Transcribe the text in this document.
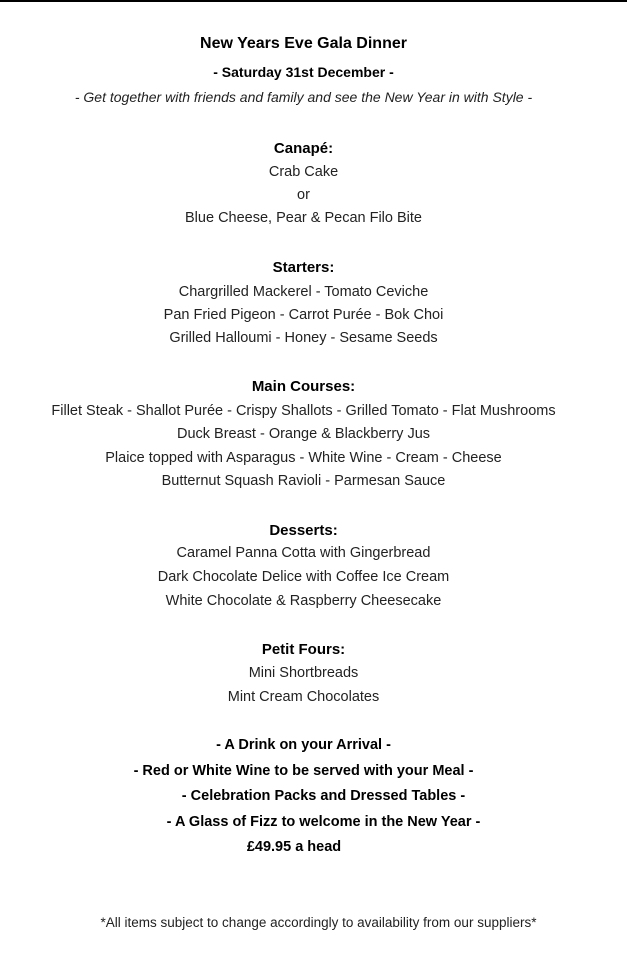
New Years Eve Gala Dinner
- Saturday 31st December -
- Get together with friends and family and see the New Year in with Style -
Canapé:
Crab Cake
or
Blue Cheese, Pear & Pecan Filo Bite
Starters:
Chargrilled Mackerel - Tomato Ceviche
Pan Fried Pigeon - Carrot Purée - Bok Choi
Grilled Halloumi - Honey - Sesame Seeds
Main Courses:
Fillet Steak - Shallot Purée - Crispy Shallots - Grilled Tomato - Flat Mushrooms
Duck Breast - Orange & Blackberry Jus
Plaice topped with Asparagus - White Wine - Cream - Cheese
Butternut Squash Ravioli - Parmesan Sauce
Desserts:
Caramel Panna Cotta with Gingerbread
Dark Chocolate Delice with Coffee Ice Cream
White Chocolate & Raspberry Cheesecake
Petit Fours:
Mini Shortbreads
Mint Cream Chocolates
- A Drink on your Arrival -
- Red or White Wine to be served with your Meal -
- Celebration Packs and Dressed Tables -
- A Glass of Fizz to welcome in the New Year -
£49.95 a head
*All items subject to change accordingly to availability from our suppliers*
